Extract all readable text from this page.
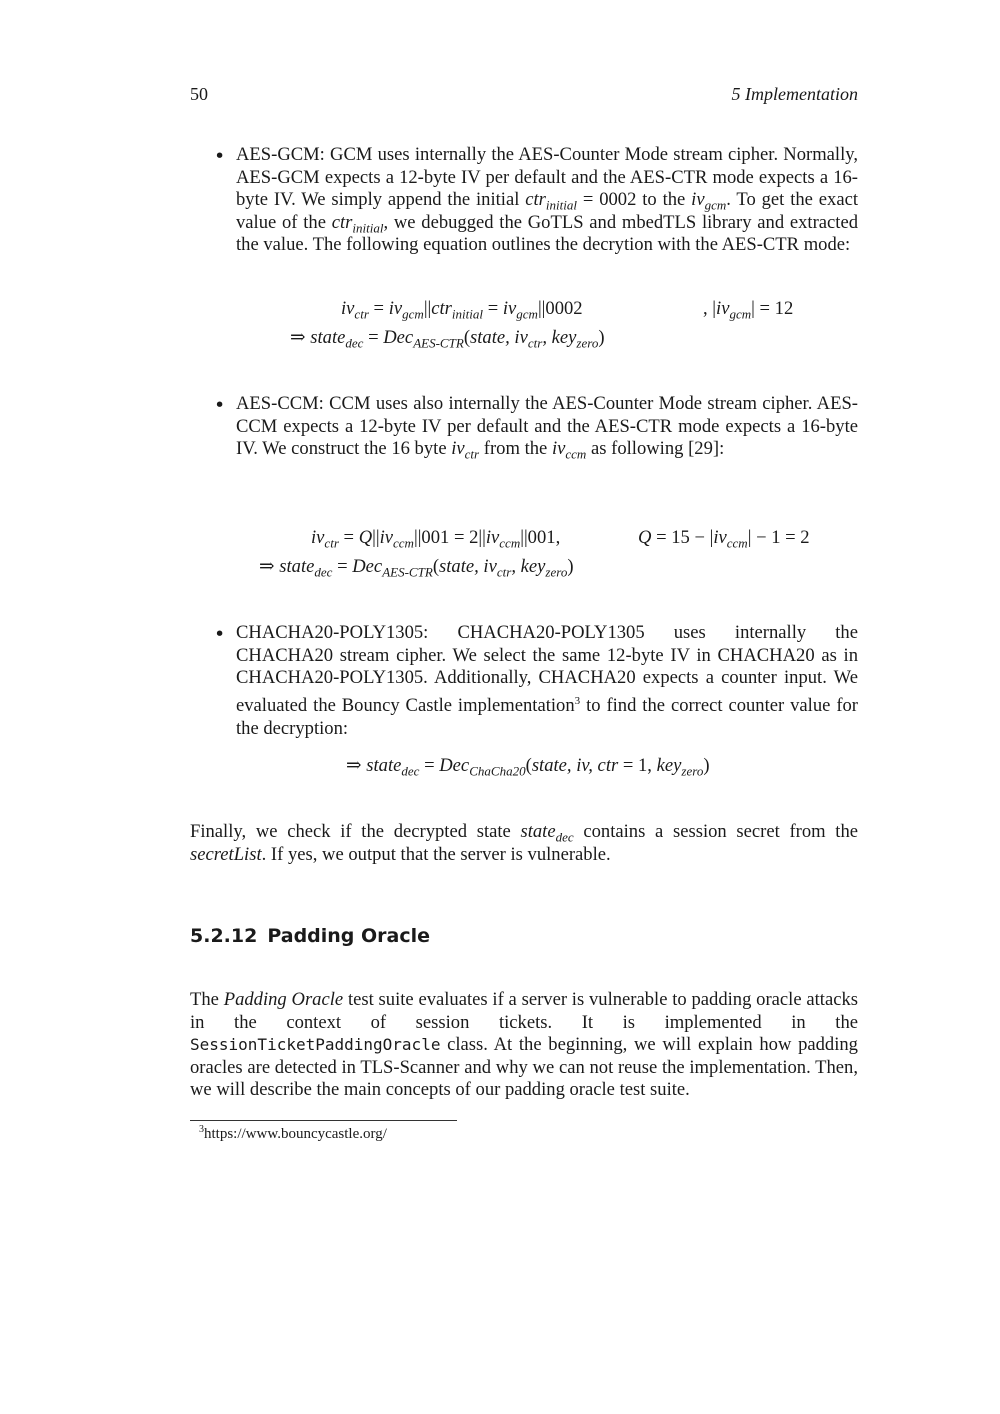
50	5 Implementation
• AES-GCM: GCM uses internally the AES-Counter Mode stream cipher. Normally, AES-GCM expects a 12-byte IV per default and the AES-CTR mode expects a 16-byte IV. We simply append the initial ctr$_{initial}$ = 0002 to the $iv_{gcm}$. To get the exact value of the ctr$_{initial}$, we debugged the GoTLS and mbedTLS library and extracted the value. The following equation outlines the decrytion with the AES-CTR mode:
$iv_{ctr} = iv_{gcm}||ctr_{initial} = iv_{gcm}||0002$	, $|iv_{gcm}| = 12$
⇒ state$_{dec}$ = Dec$_{AES-CTR}$(state, $iv_{ctr}$, key$_{zero}$)
• AES-CCM: CCM uses also internally the AES-Counter Mode stream cipher. AES-CCM expects a 12-byte IV per default and the AES-CTR mode expects a 16-byte IV. We construct the 16 byte $iv_{ctr}$ from the $iv_{ccm}$ as following [29]:
$iv_{ctr} = Q||iv_{ccm}||001 = 2||iv_{ccm}||001$,	$Q = 15 - |iv_{ccm}| - 1 = 2$
⇒ state$_{dec}$ = Dec$_{AES-CTR}$(state, $iv_{ctr}$, key$_{zero}$)
• CHACHA20-POLY1305: CHACHA20-POLY1305 uses internally the CHACHA20 stream cipher. We select the same 12-byte IV in CHACHA20 as in CHACHA20-POLY1305. Additionally, CHACHA20 expects a counter input. We evaluated the Bouncy Castle implementation$^3$ to find the correct counter value for the decryption:
⇒ state$_{dec}$ = Dec$_{ChaCha20}$(state, iv, ctr = 1, key$_{zero}$)
Finally, we check if the decrypted state state$_{dec}$ contains a session secret from the secretList. If yes, we output that the server is vulnerable.
5.2.12 Padding Oracle
The Padding Oracle test suite evaluates if a server is vulnerable to padding oracle attacks in the context of session tickets. It is implemented in the SessionTicketPaddingOracle class. At the beginning, we will explain how padding oracles are detected in TLS-Scanner and why we can not reuse the implementation. Then, we will describe the main concepts of our padding oracle test suite.
$^3$https://www.bouncycastle.org/
